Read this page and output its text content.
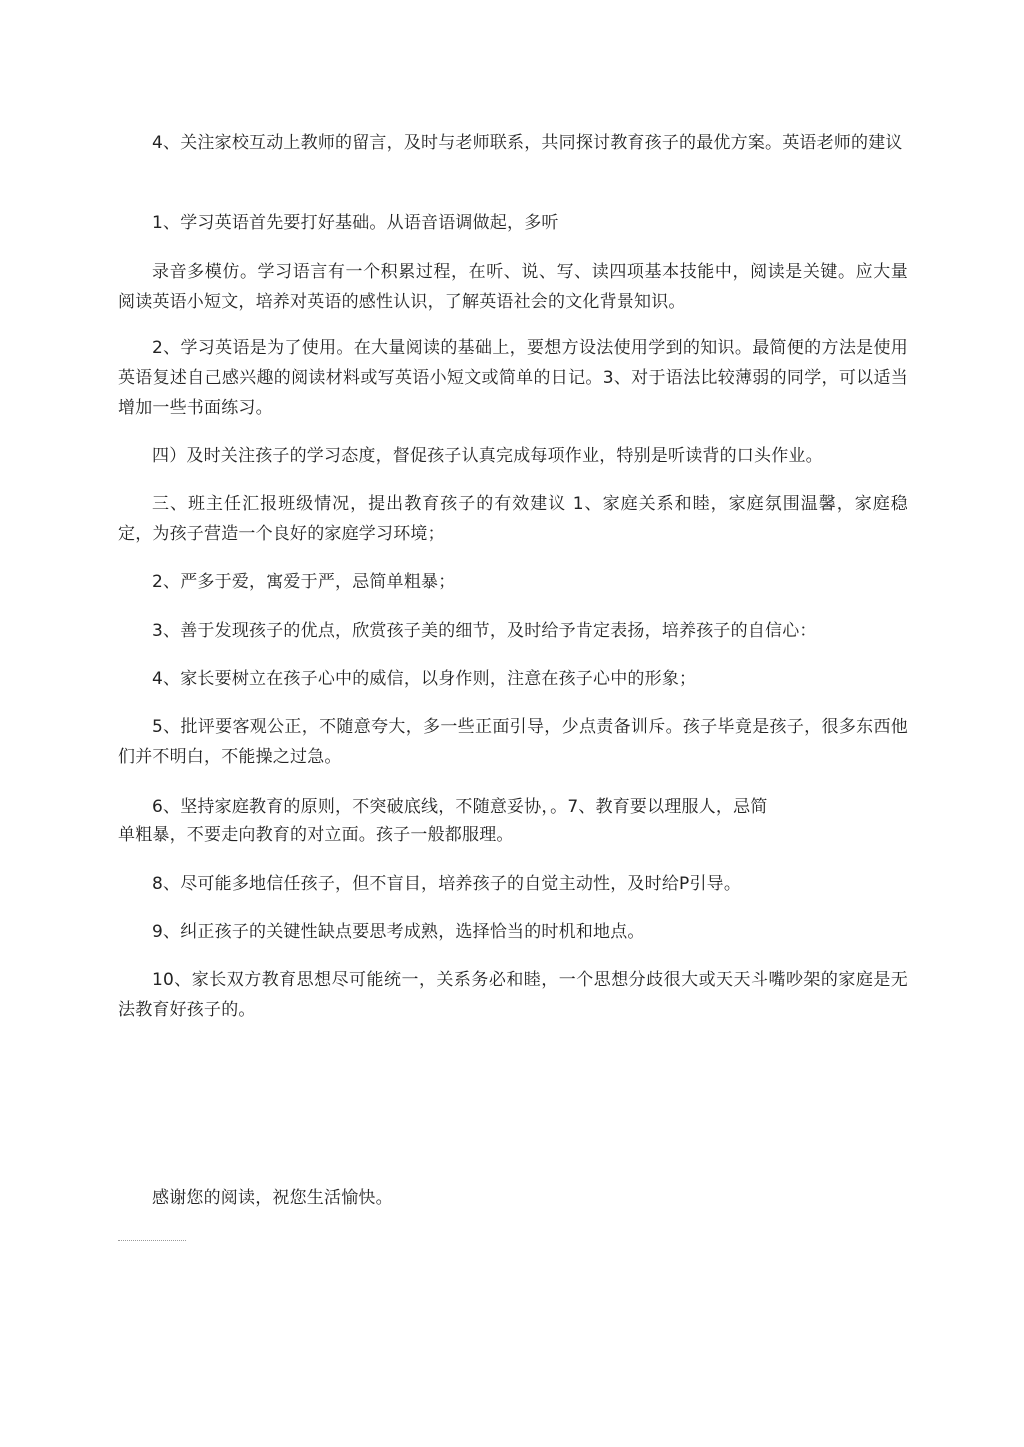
4、关注家校互动上教师的留言，及时与老师联系，共同探讨教育孩子的最优方案。英语老师的建议

1、学习英语首先要打好基础。从语音语调做起，多听

录音多模仿。学习语言有一个积累过程，在听、说、写、读四项基本技能中，阅读是关键。应大量阅读英语小短文，培养对英语的感性认识，了解英语社会的文化背景知识。

2、学习英语是为了使用。在大量阅读的基础上，要想方设法使用学到的知识。最简便的方法是使用英语复述自己感兴趣的阅读材料或写英语小短文或简单的日记。3、对于语法比较薄弱的同学，可以适当增加一些书面练习。

四）及时关注孩子的学习态度，督促孩子认真完成每项作业，特别是听读背的口头作业。

三、班主任汇报班级情况，提出教育孩子的有效建议 1、家庭关系和睦，家庭氛围温馨，家庭稳定，为孩子营造一个良好的家庭学习环境；

2、严多于爱，寓爱于严，忌简单粗暴；

3、善于发现孩子的优点，欣赏孩子美的细节，及时给予肯定表扬，培养孩子的自信心：

4、家长要树立在孩子心中的威信，以身作则，注意在孩子心中的形象；

5、批评要客观公正，不随意夸大，多一些正面引导，少点责备训斥。孩子毕竟是孩子，很多东西他们并不明白，不能操之过急。

6、坚持家庭教育的原则，不突破底线，不随意妥协，。7、教育要以理服人，忌简

单粗暴，不要走向教育的对立面。孩子一般都服理。

8、尽可能多地信任孩子，但不盲目，培养孩子的自觉主动性，及时给P引导。

9、纠正孩子的关键性缺点要思考成熟，选择恰当的时机和地点。

10、家长双方教育思想尽可能统一，关系务必和睦，一个思想分歧很大或天天斗嘴吵架的家庭是无法教育好孩子的。

感谢您的阅读，祝您生活愉快。
